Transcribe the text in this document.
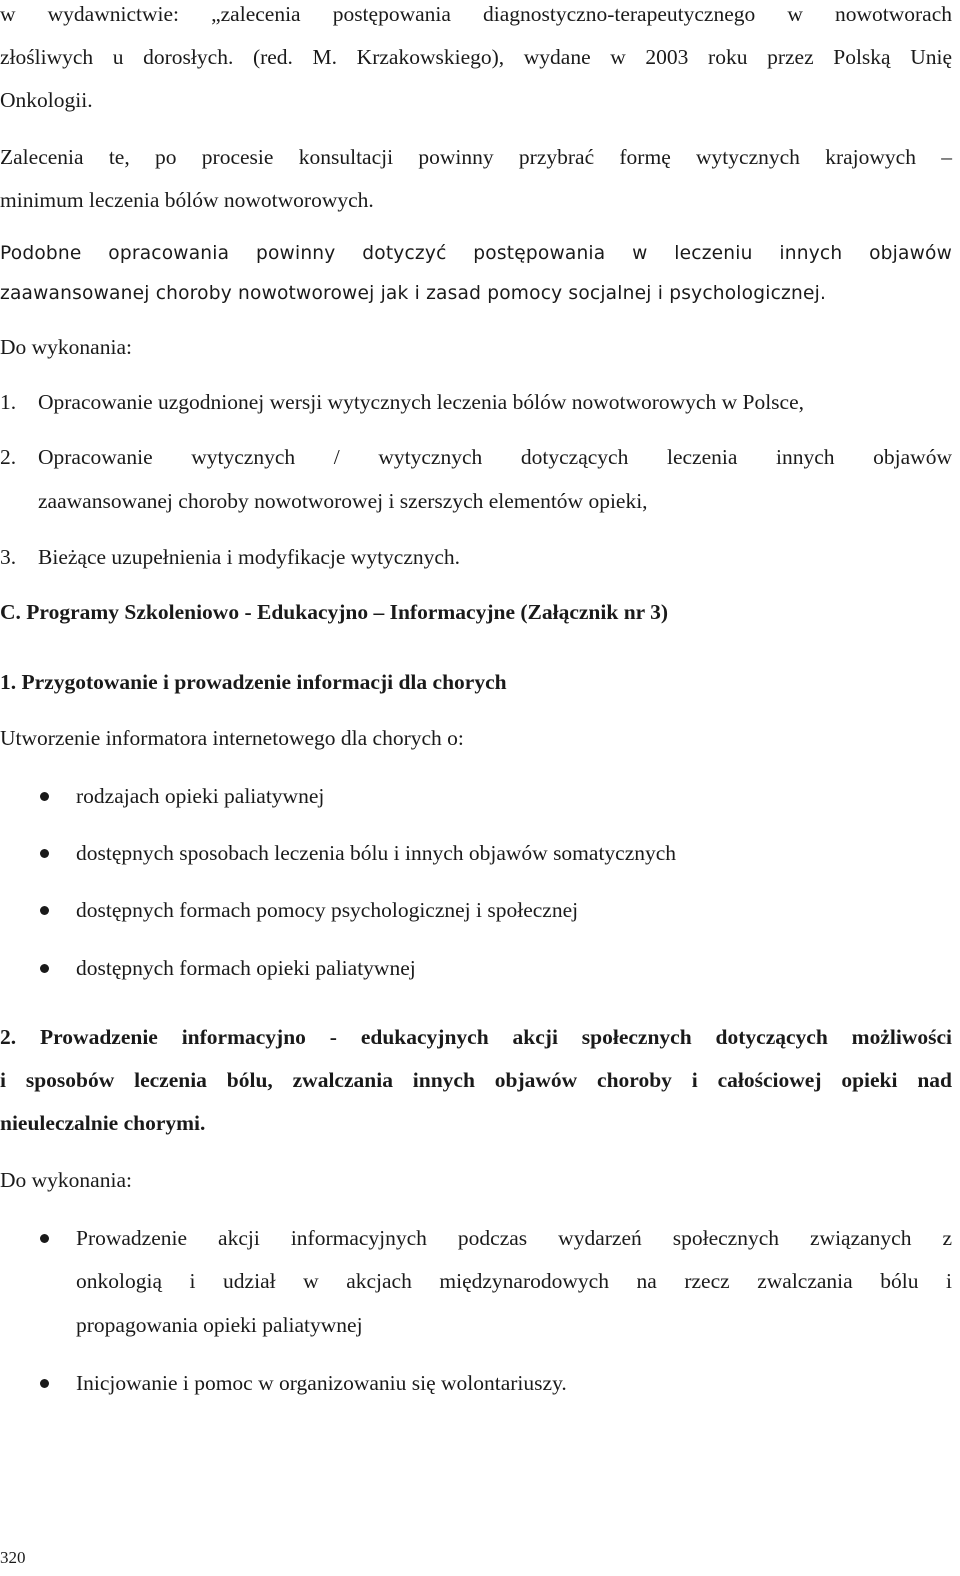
w wydawnictwie: „zalecenia postępowania diagnostyczno-terapeutycznego w nowotworach
złośliwych u dorosłych. (red. M. Krzakowskiego), wydane w 2003 roku przez Polską Unię
Onkologii.
Zalecenia te, po procesie konsultacji powinny przybrać formę wytycznych krajowych –
minimum leczenia bólów nowotworowych.
Podobne opracowania powinny dotyczyć postępowania w leczeniu innych objawów
zaawansowanej choroby nowotworowej jak i zasad pomocy socjalnej i psychologicznej.
Do wykonania:
1. Opracowanie uzgodnionej wersji wytycznych leczenia bólów nowotworowych w Polsce,
2. Opracowanie wytycznych / wytycznych dotyczących leczenia innych objawów
zaawansowanej choroby nowotworowej i szerszych elementów opieki,
3. Bieżące uzupełnienia i modyfikacje wytycznych.
C. Programy Szkoleniowo - Edukacyjno – Informacyjne (Załącznik nr 3)
1. Przygotowanie i prowadzenie informacji dla chorych
Utworzenie informatora internetowego dla chorych o:
rodzajach opieki paliatywnej
dostępnych sposobach leczenia bólu i innych objawów somatycznych
dostępnych formach pomocy psychologicznej i społecznej
dostępnych formach opieki paliatywnej
2. Prowadzenie informacyjno - edukacyjnych akcji społecznych dotyczących możliwości
i sposobów leczenia bólu, zwalczania innych objawów choroby i całościowej opieki nad
nieuleczalnie chorymi.
Do wykonania:
Prowadzenie akcji informacyjnych podczas wydarzeń społecznych związanych z
onkologią i udział w akcjach międzynarodowych na rzecz zwalczania bólu i
propagowania opieki paliatywnej
Inicjowanie i pomoc w organizowaniu się wolontariuszy.
320
